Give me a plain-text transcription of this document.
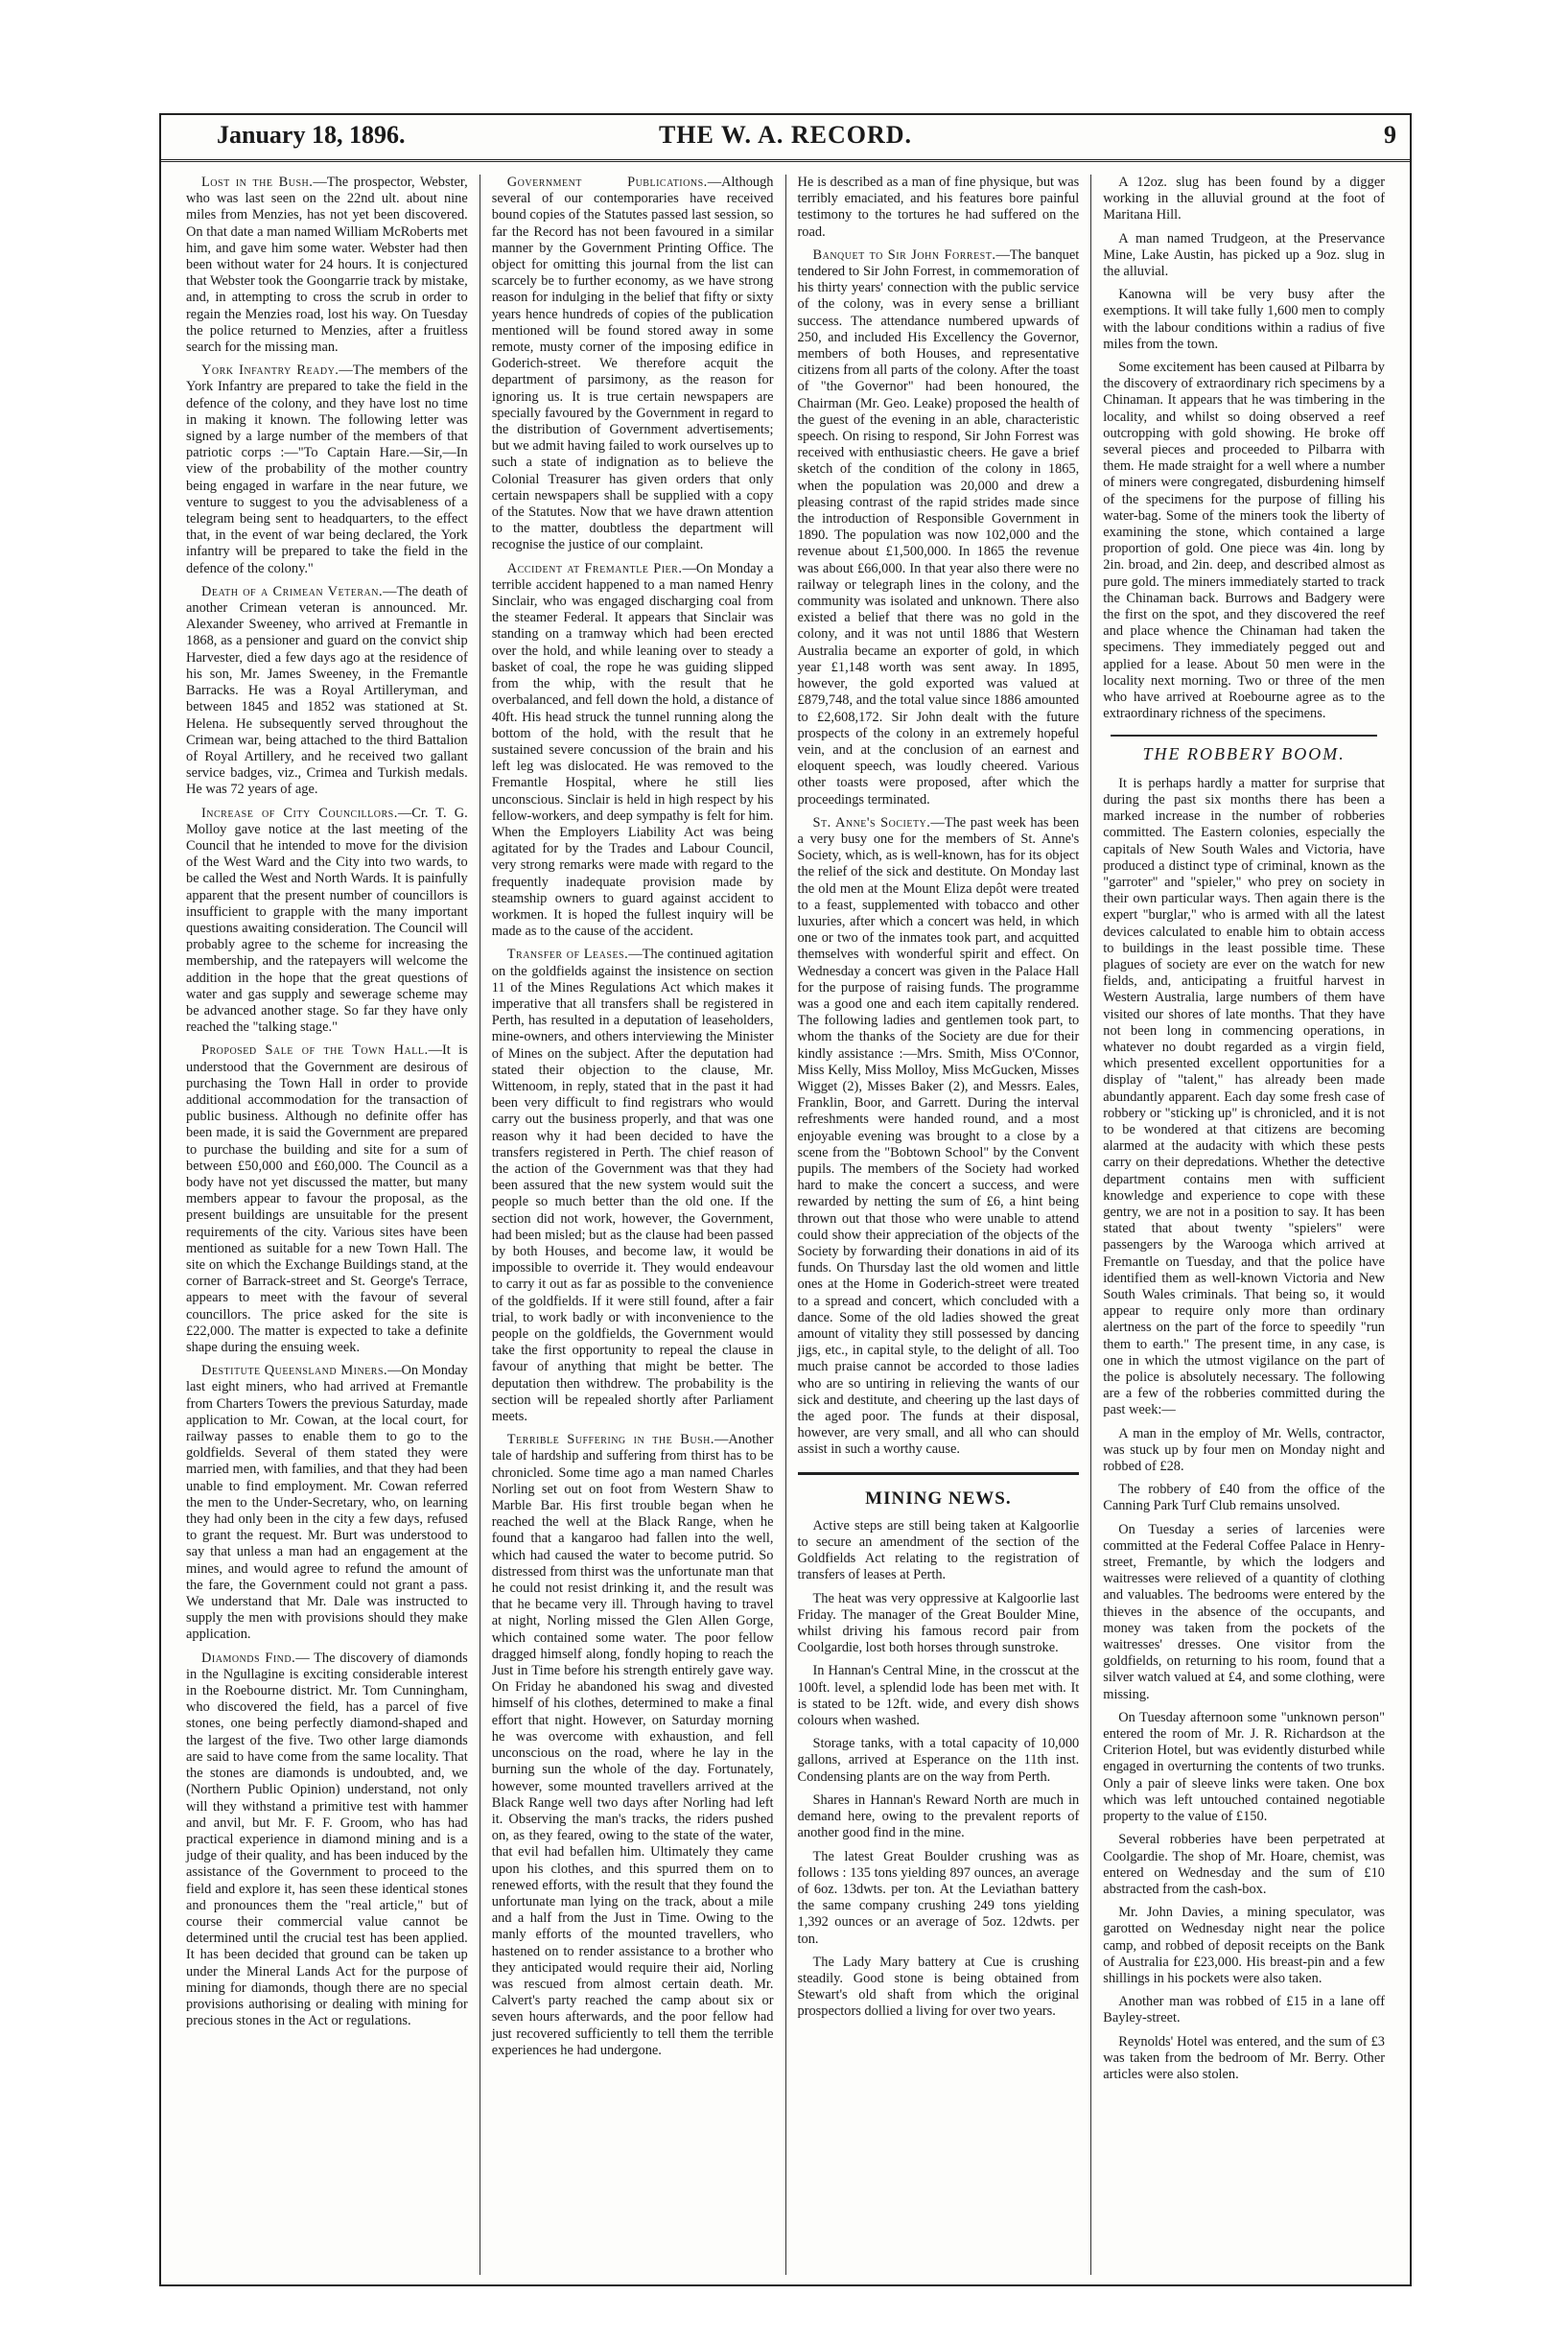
January 18, 1896.	THE W. A. RECORD.	9

Lost in the Bush.—The prospector, Webster, who was last seen on the 22nd ult. about nine miles from Menzies, has not yet been discovered. On that date a man named William McRoberts met him, and gave him some water. Webster had then been without water for 24 hours. It is conjectured that Webster took the Goongarrie track by mistake, and, in attempting to cross the scrub in order to regain the Menzies road, lost his way. On Tuesday the police returned to Menzies, after a fruitless search for the missing man.

York Infantry Ready.—The members of the York Infantry are prepared to take the field in the defence of the colony, and they have lost no time in making it known. The following letter was signed by a large number of the members of that patriotic corps :—"To Captain Hare.—Sir,—In view of the probability of the mother country being engaged in warfare in the near future, we venture to suggest to you the advisableness of a telegram being sent to headquarters, to the effect that, in the event of war being declared, the York infantry will be prepared to take the field in the defence of the colony."

Death of a Crimean Veteran.—The death of another Crimean veteran is announced. Mr. Alexander Sweeney, who arrived at Fremantle in 1868, as a pensioner and guard on the convict ship Harvester, died a few days ago at the residence of his son, Mr. James Sweeney, in the Fremantle Barracks. He was a Royal Artilleryman, and between 1845 and 1852 was stationed at St. Helena. He subsequently served throughout the Crimean war, being attached to the third Battalion of Royal Artillery, and he received two gallant service badges, viz., Crimea and Turkish medals. He was 72 years of age.

Increase of City Councillors.—Cr. T. G. Molloy gave notice at the last meeting of the Council that he intended to move for the division of the West Ward and the City into two wards, to be called the West and North Wards. It is painfully apparent that the present number of councillors is insufficient to grapple with the many important questions awaiting consideration. The Council will probably agree to the scheme for increasing the membership, and the ratepayers will welcome the addition in the hope that the great questions of water and gas supply and sewerage scheme may be advanced another stage. So far they have only reached the "talking stage."

Proposed Sale of the Town Hall.—It is understood that the Government are desirous of purchasing the Town Hall in order to provide additional accommodation for the transaction of public business. Although no definite offer has been made, it is said the Government are prepared to purchase the building and site for a sum of between £50,000 and £60,000. The Council as a body have not yet discussed the matter, but many members appear to favour the proposal, as the present buildings are unsuitable for the present requirements of the city. Various sites have been mentioned as suitable for a new Town Hall. The site on which the Exchange Buildings stand, at the corner of Barrack-street and St. George's Terrace, appears to meet with the favour of several councillors. The price asked for the site is £22,000. The matter is expected to take a definite shape during the ensuing week.

Destitute Queensland Miners.—On Monday last eight miners, who had arrived at Fremantle from Charters Towers the previous Saturday, made application to Mr. Cowan, at the local court, for railway passes to enable them to go to the goldfields. Several of them stated they were married men, with families, and that they had been unable to find employment. Mr. Cowan referred the men to the Under-Secretary, who, on learning they had only been in the city a few days, refused to grant the request. Mr. Burt was understood to say that unless a man had an engagement at the mines, and would agree to refund the amount of the fare, the Government could not grant a pass. We understand that Mr. Dale was instructed to supply the men with provisions should they make application.

Diamonds Find.— The discovery of diamonds in the Ngullagine is exciting considerable interest in the Roebourne district. Mr. Tom Cunningham, who discovered the field, has a parcel of five stones, one being perfectly diamond-shaped and the largest of the five. Two other large diamonds are said to have come from the same locality. That the stones are diamonds is undoubted, and, we (Northern Public Opinion) understand, not only will they withstand a primitive test with hammer and anvil, but Mr. F. F. Groom, who has had practical experience in diamond mining and is a judge of their quality, and has been induced by the assistance of the Government to proceed to the field and explore it, has seen these identical stones and pronounces them the "real article," but of course their commercial value cannot be determined until the crucial test has been applied. It has been decided that ground can be taken up under the Mineral Lands Act for the purpose of mining for diamonds, though there are no special provisions authorising or dealing with mining for precious stones in the Act or regulations.

Government Publications.—Although several of our contemporaries have received bound copies of the Statutes passed last session, so far the Record has not been favoured in a similar manner by the Government Printing Office. The object for omitting this journal from the list can scarcely be to further economy, as we have strong reason for indulging in the belief that fifty or sixty years hence hundreds of copies of the publication mentioned will be found stored away in some remote, musty corner of the imposing edifice in Goderich-street. We therefore acquit the department of parsimony, as the reason for ignoring us. It is true certain newspapers are specially favoured by the Government in regard to the distribution of Government advertisements; but we admit having failed to work ourselves up to such a state of indignation as to believe the Colonial Treasurer has given orders that only certain newspapers shall be supplied with a copy of the Statutes. Now that we have drawn attention to the matter, doubtless the department will recognise the justice of our complaint.

Accident at Fremantle Pier.—On Monday a terrible accident happened to a man named Henry Sinclair, who was engaged discharging coal from the steamer Federal. It appears that Sinclair was standing on a tramway which had been erected over the hold, and while leaning over to steady a basket of coal, the rope he was guiding slipped from the whip, with the result that he overbalanced, and fell down the hold, a distance of 40ft. His head struck the tunnel running along the bottom of the hold, with the result that he sustained severe concussion of the brain and his left leg was dislocated. He was removed to the Fremantle Hospital, where he still lies unconscious. Sinclair is held in high respect by his fellow-workers, and deep sympathy is felt for him. When the Employers Liability Act was being agitated for by the Trades and Labour Council, very strong remarks were made with regard to the frequently inadequate provision made by steamship owners to guard against accident to workmen. It is hoped the fullest inquiry will be made as to the cause of the accident.

Transfer of Leases.—The continued agitation on the goldfields against the insistence on section 11 of the Mines Regulations Act which makes it imperative that all transfers shall be registered in Perth, has resulted in a deputation of leaseholders, mine-owners, and others interviewing the Minister of Mines on the subject. After the deputation had stated their objection to the clause, Mr. Wittenoom, in reply, stated that in the past it had been very difficult to find registrars who would carry out the business properly, and that was one reason why it had been decided to have the transfers registered in Perth. The chief reason of the action of the Government was that they had been assured that the new system would suit the people so much better than the old one. If the section did not work, however, the Government, had been misled; but as the clause had been passed by both Houses, and become law, it would be impossible to override it. They would endeavour to carry it out as far as possible to the convenience of the goldfields. If it were still found, after a fair trial, to work badly or with inconvenience to the people on the goldfields, the Government would take the first opportunity to repeal the clause in favour of anything that might be better. The deputation then withdrew. The probability is the section will be repealed shortly after Parliament meets.

Terrible Suffering in the Bush.—Another tale of hardship and suffering from thirst has to be chronicled. Some time ago a man named Charles Norling set out on foot from Western Shaw to Marble Bar. His first trouble began when he reached the well at the Black Range, when he found that a kangaroo had fallen into the well, which had caused the water to become putrid. So distressed from thirst was the unfortunate man that he could not resist drinking it, and the result was that he became very ill. Through having to travel at night, Norling missed the Glen Allen Gorge, which contained some water. The poor fellow dragged himself along, fondly hoping to reach the Just in Time before his strength entirely gave way. On Friday he abandoned his swag and divested himself of his clothes, determined to make a final effort that night. However, on Saturday morning he was overcome with exhaustion, and fell unconscious on the road, where he lay in the burning sun the whole of the day. Fortunately, however, some mounted travellers arrived at the Black Range well two days after Norling had left it. Observing the man's tracks, the riders pushed on, as they feared, owing to the state of the water, that evil had befallen him. Ultimately they came upon his clothes, and this spurred them on to renewed efforts, with the result that they found the unfortunate man lying on the track, about a mile and a half from the Just in Time. Owing to the manly efforts of the mounted travellers, who hastened on to render assistance to a brother who they anticipated would require their aid, Norling was rescued from almost certain death. Mr. Calvert's party reached the camp about six or seven hours afterwards, and the poor fellow had just recovered sufficiently to tell them the terrible experiences he had undergone.

He is described as a man of fine physique, but was terribly emaciated, and his features bore painful testimony to the tortures he had suffered on the road.

Banquet to Sir John Forrest.—The banquet tendered to Sir John Forrest, in commemoration of his thirty years' connection with the public service of the colony, was in every sense a brilliant success. The attendance numbered upwards of 250, and included His Excellency the Governor, members of both Houses, and representative citizens from all parts of the colony. After the toast of "the Governor" had been honoured, the Chairman (Mr. Geo. Leake) proposed the health of the guest of the evening in an able, characteristic speech. On rising to respond, Sir John Forrest was received with enthusiastic cheers. He gave a brief sketch of the condition of the colony in 1865, when the population was 20,000 and drew a pleasing contrast of the rapid strides made since the introduction of Responsible Government in 1890. The population was now 102,000 and the revenue about £1,500,000. In 1865 the revenue was about £66,000. In that year also there were no railway or telegraph lines in the colony, and the community was isolated and unknown. There also existed a belief that there was no gold in the colony, and it was not until 1886 that Western Australia became an exporter of gold, in which year £1,148 worth was sent away. In 1895, however, the gold exported was valued at £879,748, and the total value since 1886 amounted to £2,608,172. Sir John dealt with the future prospects of the colony in an extremely hopeful vein, and at the conclusion of an earnest and eloquent speech, was loudly cheered. Various other toasts were proposed, after which the proceedings terminated.

St. Anne's Society.—The past week has been a very busy one for the members of St. Anne's Society, which, as is well-known, has for its object the relief of the sick and destitute. On Monday last the old men at the Mount Eliza depôt were treated to a feast, supplemented with tobacco and other luxuries, after which a concert was held, in which one or two of the inmates took part, and acquitted themselves with wonderful spirit and effect. On Wednesday a concert was given in the Palace Hall for the purpose of raising funds. The programme was a good one and each item capitally rendered. The following ladies and gentlemen took part, to whom the thanks of the Society are due for their kindly assistance :—Mrs. Smith, Miss O'Connor, Miss Kelly, Miss Molloy, Miss McGucken, Misses Wigget (2), Misses Baker (2), and Messrs. Eales, Franklin, Boor, and Garrett. During the interval refreshments were handed round, and a most enjoyable evening was brought to a close by a scene from the "Bobtown School" by the Convent pupils. The members of the Society had worked hard to make the concert a success, and were rewarded by netting the sum of £6, a hint being thrown out that those who were unable to attend could show their appreciation of the objects of the Society by forwarding their donations in aid of its funds. On Thursday last the old women and little ones at the Home in Goderich-street were treated to a spread and concert, which concluded with a dance. Some of the old ladies showed the great amount of vitality they still possessed by dancing jigs, etc., in capital style, to the delight of all. Too much praise cannot be accorded to those ladies who are so untiring in relieving the wants of our sick and destitute, and cheering up the last days of the aged poor. The funds at their disposal, however, are very small, and all who can should assist in such a worthy cause.

MINING NEWS.

Active steps are still being taken at Kalgoorlie to secure an amendment of the section of the Goldfields Act relating to the registration of transfers of leases at Perth.

The heat was very oppressive at Kalgoorlie last Friday. The manager of the Great Boulder Mine, whilst driving his famous record pair from Coolgardie, lost both horses through sunstroke.

In Hannan's Central Mine, in the crosscut at the 100ft. level, a splendid lode has been met with. It is stated to be 12ft. wide, and every dish shows colours when washed.

Storage tanks, with a total capacity of 10,000 gallons, arrived at Esperance on the 11th inst. Condensing plants are on the way from Perth.

Shares in Hannan's Reward North are much in demand here, owing to the prevalent reports of another good find in the mine.

The latest Great Boulder crushing was as follows : 135 tons yielding 897 ounces, an average of 6oz. 13dwts. per ton. At the Leviathan battery the same company crushing 249 tons yielding 1,392 ounces or an average of 5oz. 12dwts. per ton.

The Lady Mary battery at Cue is crushing steadily. Good stone is being obtained from Stewart's old shaft from which the original prospectors dollied a living for over two years.

A 12oz. slug has been found by a digger working in the alluvial ground at the foot of Maritana Hill.

A man named Trudgeon, at the Preservance Mine, Lake Austin, has picked up a 9oz. slug in the alluvial.

Kanowna will be very busy after the exemptions. It will take fully 1,600 men to comply with the labour conditions within a radius of five miles from the town.

Some excitement has been caused at Pilbarra by the discovery of extraordinary rich specimens by a Chinaman. It appears that he was timbering in the locality, and whilst so doing observed a reef outcropping with gold showing. He broke off several pieces and proceeded to Pilbarra with them. He made straight for a well where a number of miners were congregated, disburdening himself of the specimens for the purpose of filling his water-bag. Some of the miners took the liberty of examining the stone, which contained a large proportion of gold. One piece was 4in. long by 2in. broad, and 2in. deep, and described almost as pure gold. The miners immediately started to track the Chinaman back. Burrows and Badgery were the first on the spot, and they discovered the reef and place whence the Chinaman had taken the specimens. They immediately pegged out and applied for a lease. About 50 men were in the locality next morning. Two or three of the men who have arrived at Roebourne agree as to the extraordinary richness of the specimens.

THE ROBBERY BOOM.

It is perhaps hardly a matter for surprise that during the past six months there has been a marked increase in the number of robberies committed. The Eastern colonies, especially the capitals of New South Wales and Victoria, have produced a distinct type of criminal, known as the "garroter" and "spieler," who prey on society in their own particular ways. Then again there is the expert "burglar," who is armed with all the latest devices calculated to enable him to obtain access to buildings in the least possible time. These plagues of society are ever on the watch for new fields, and, anticipating a fruitful harvest in Western Australia, large numbers of them have visited our shores of late months. That they have not been long in commencing operations, in whatever no doubt regarded as a virgin field, which presented excellent opportunities for a display of "talent," has already been made abundantly apparent. Each day some fresh case of robbery or "sticking up" is chronicled, and it is not to be wondered at that citizens are becoming alarmed at the audacity with which these pests carry on their depredations. Whether the detective department contains men with sufficient knowledge and experience to cope with these gentry, we are not in a position to say. It has been stated that about twenty "spielers" were passengers by the Warooga which arrived at Fremantle on Tuesday, and that the police have identified them as well-known Victoria and New South Wales criminals. That being so, it would appear to require only more than ordinary alertness on the part of the force to speedily "run them to earth." The present time, in any case, is one in which the utmost vigilance on the part of the police is absolutely necessary. The following are a few of the robberies committed during the past week:—

A man in the employ of Mr. Wells, contractor, was stuck up by four men on Monday night and robbed of £28.

The robbery of £40 from the office of the Canning Park Turf Club remains unsolved.

On Tuesday a series of larcenies were committed at the Federal Coffee Palace in Henry-street, Fremantle, by which the lodgers and waitresses were relieved of a quantity of clothing and valuables. The bedrooms were entered by the thieves in the absence of the occupants, and money was taken from the pockets of the waitresses' dresses. One visitor from the goldfields, on returning to his room, found that a silver watch valued at £4, and some clothing, were missing.

On Tuesday afternoon some "unknown person" entered the room of Mr. J. R. Richardson at the Criterion Hotel, but was evidently disturbed while engaged in overturning the contents of two trunks. Only a pair of sleeve links were taken. One box which was left untouched contained negotiable property to the value of £150.

Several robberies have been perpetrated at Coolgardie. The shop of Mr. Hoare, chemist, was entered on Wednesday and the sum of £10 abstracted from the cash-box.

Mr. John Davies, a mining speculator, was garotted on Wednesday night near the police camp, and robbed of deposit receipts on the Bank of Australia for £23,000. His breast-pin and a few shillings in his pockets were also taken.

Another man was robbed of £15 in a lane off Bayley-street.

Reynolds' Hotel was entered, and the sum of £3 was taken from the bedroom of Mr. Berry. Other articles were also stolen.
